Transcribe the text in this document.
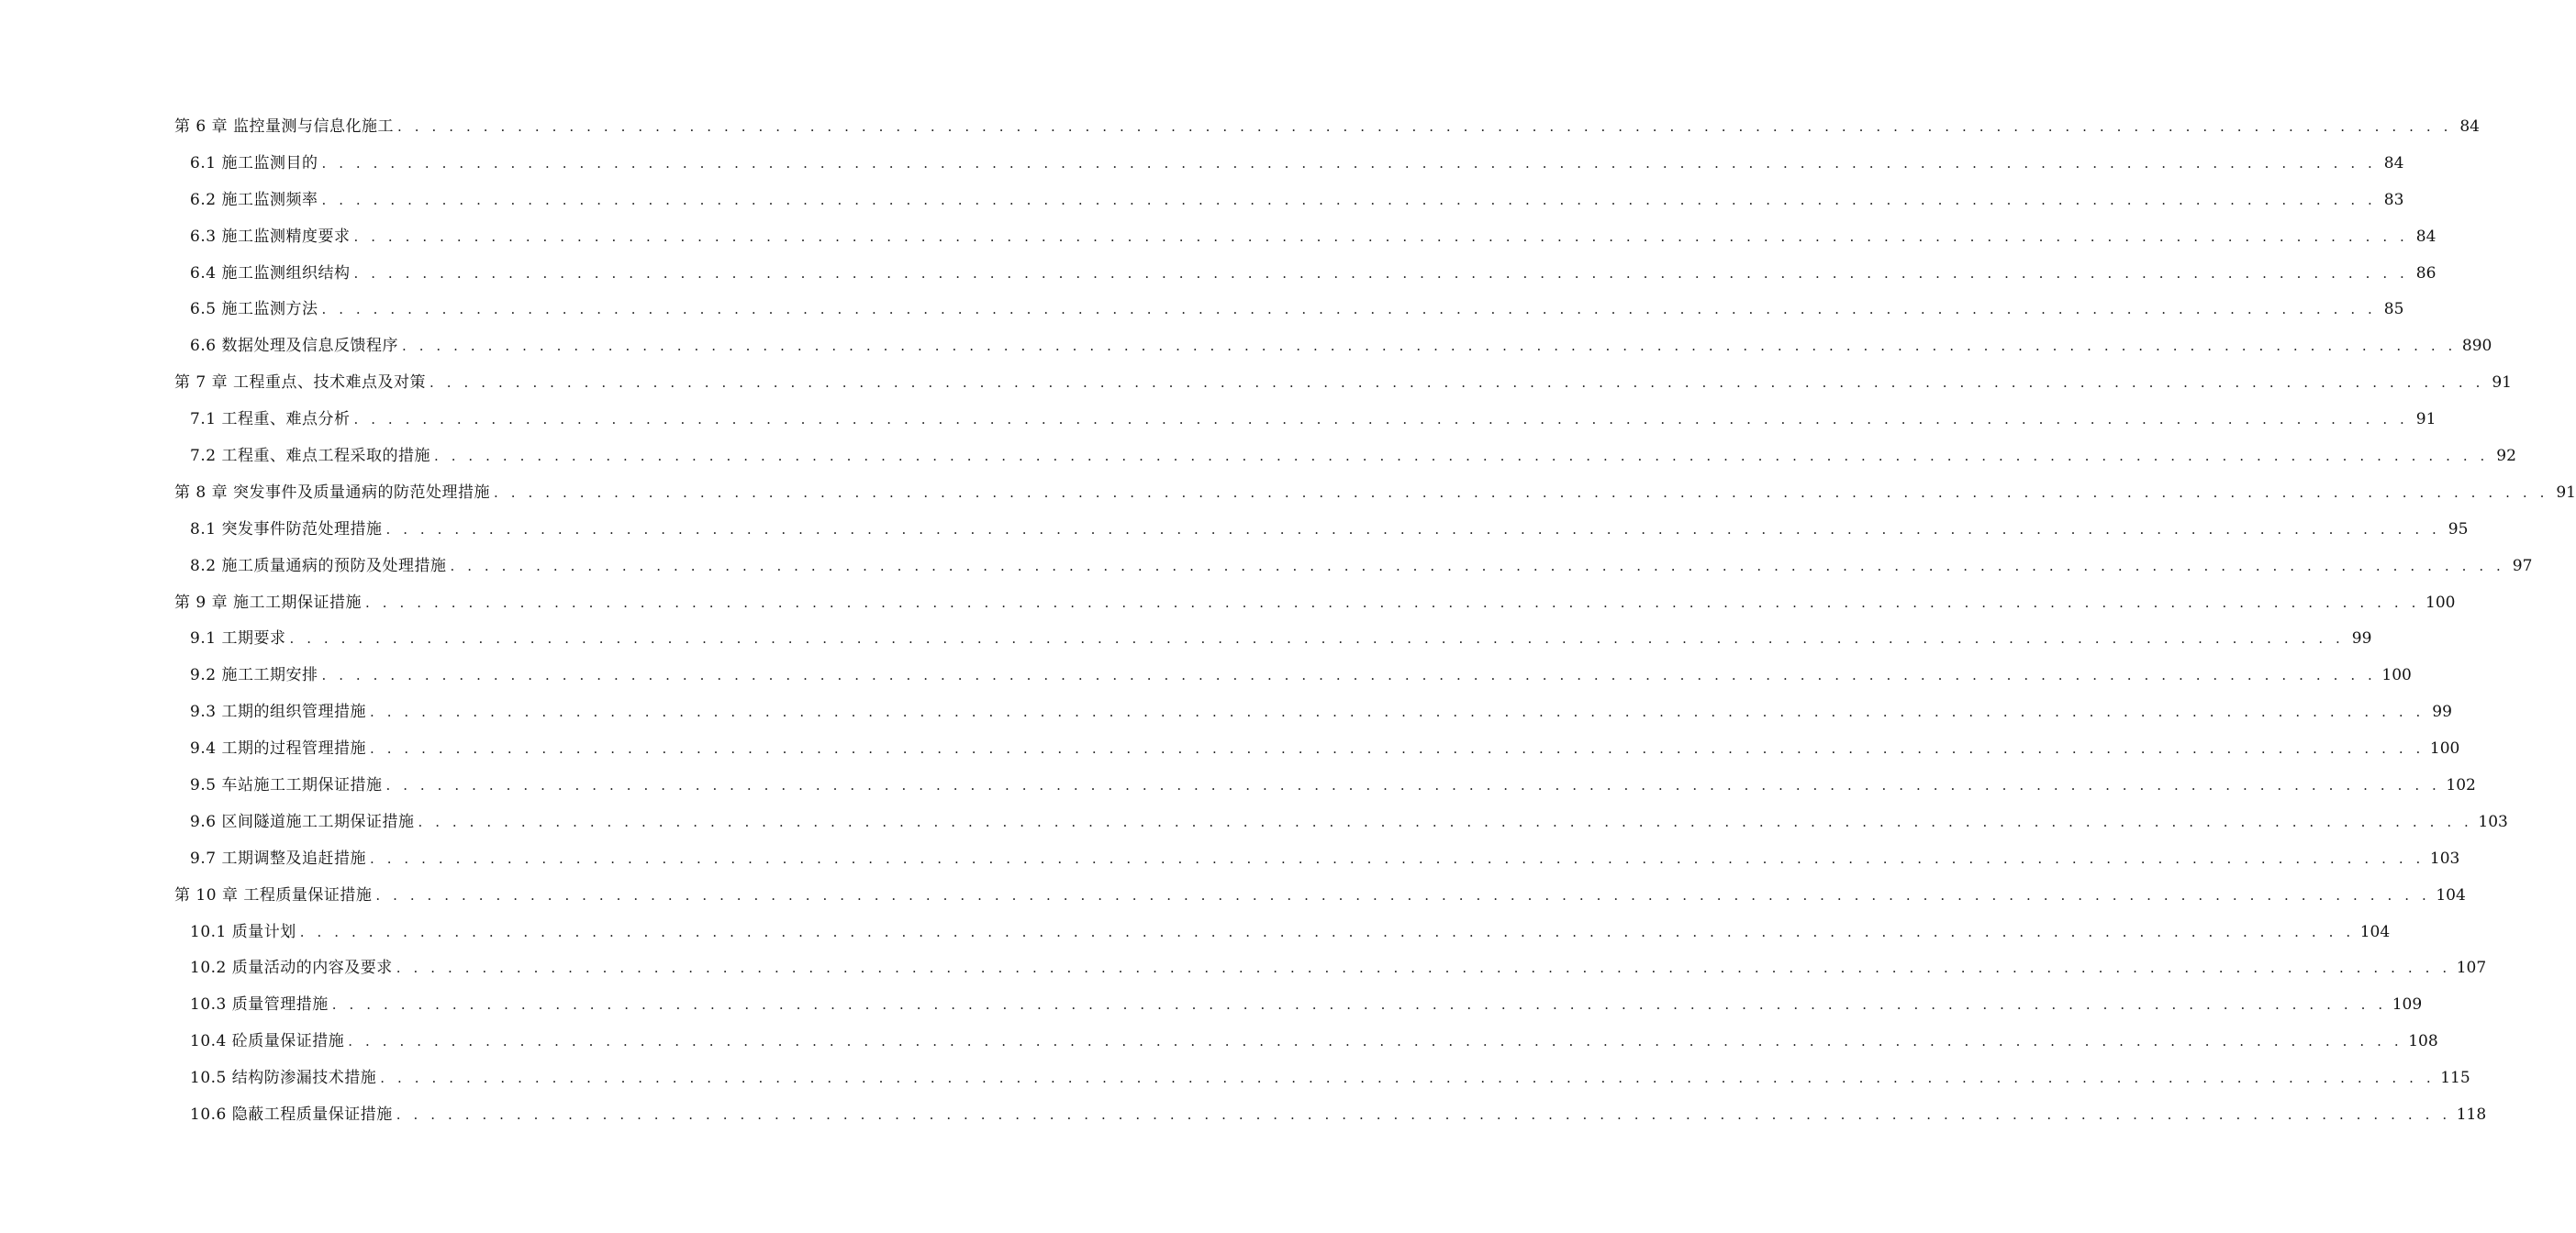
第 6 章 监控量测与信息化施工 . . . . . . . . . . . . . . . . . . . . . . . . . . . . . . . . . . . . . . . . . . . . . . . . . . . . . . . . . . . . . . . . . . . . . . . . . . . . . . . . . . . . . . . . . . . . . . . . . . . . . . . . . . . . . . . . . . . . . . . . 84
6.1 施工监测目的 . . . . . . . . . . . . . . . . . . . . . . . . . . . . . . . . . . . . . . . . . . . . . . . . . . . . . . . . . . . . . . . . . . . . . . . . . . . . . . . . . . . . . . . . . . . . . . . . . . . . . . . . . . . . . . . . . . . . . . . . 84
6.2 施工监测频率 . . . . . . . . . . . . . . . . . . . . . . . . . . . . . . . . . . . . . . . . . . . . . . . . . . . . . . . . . . . . . . . . . . . . . . . . . . . . . . . . . . . . . . . . . . . . . . . . . . . . . . . . . . . . . . . . . . . . . . . . 83
6.3 施工监测精度要求 . . . . . . . . . . . . . . . . . . . . . . . . . . . . . . . . . . . . . . . . . . . . . . . . . . . . . . . . . . . . . . . . . . . . . . . . . . . . . . . . . . . . . . . . . . . . . . . . . . . . . . . . . . . . . . . . . . . . . . . . 84
6.4 施工监测组织结构 . . . . . . . . . . . . . . . . . . . . . . . . . . . . . . . . . . . . . . . . . . . . . . . . . . . . . . . . . . . . . . . . . . . . . . . . . . . . . . . . . . . . . . . . . . . . . . . . . . . . . . . . . . . . . . . . . . . . . . . . 86
6.5 施工监测方法 . . . . . . . . . . . . . . . . . . . . . . . . . . . . . . . . . . . . . . . . . . . . . . . . . . . . . . . . . . . . . . . . . . . . . . . . . . . . . . . . . . . . . . . . . . . . . . . . . . . . . . . . . . . . . . . . . . . . . . . . 85
6.6 数据处理及信息反馈程序 . . . . . . . . . . . . . . . . . . . . . . . . . . . . . . . . . . . . . . . . . . . . . . . . . . . . . . . . . . . . . . . . . . . . . . . . . . . . . . . . . . . . . . . . . . . . . . . . . . . . . . . . . . . . . . . . . . . . . . . . 890
第 7 章 工程重点、技术难点及对策 . . . . . . . . . . . . . . . . . . . . . . . . . . . . . . . . . . . . . . . . . . . . . . . . . . . . . . . . . . . . . . . . . . . . . . . . . . . . . . . . . . . . . . . . . . . . . . . . . . . . . . . . . . . . . . . . . . . . . . . . 91
7.1 工程重、难点分析 . . . . . . . . . . . . . . . . . . . . . . . . . . . . . . . . . . . . . . . . . . . . . . . . . . . . . . . . . . . . . . . . . . . . . . . . . . . . . . . . . . . . . . . . . . . . . . . . . . . . . . . . . . . . . . . . . . . . . . . . 91
7.2 工程重、难点工程采取的措施 . . . . . . . . . . . . . . . . . . . . . . . . . . . . . . . . . . . . . . . . . . . . . . . . . . . . . . . . . . . . . . . . . . . . . . . . . . . . . . . . . . . . . . . . . . . . . . . . . . . . . . . . . . . . . . . . . . . . . . . . 92
第 8 章 突发事件及质量通病的防范处理措施 . . . . . . . . . . . . . . . . . . . . . . . . . . . . . . . . . . . . . . . . . . . . . . . . . . . . . . . . . . . . . . . . . . . . . . . . . . . . . . . . . . . . . . . . . . . . . . . . . . . . . . . . . . . . . . . . . . . . . . . . 91
8.1 突发事件防范处理措施 . . . . . . . . . . . . . . . . . . . . . . . . . . . . . . . . . . . . . . . . . . . . . . . . . . . . . . . . . . . . . . . . . . . . . . . . . . . . . . . . . . . . . . . . . . . . . . . . . . . . . . . . . . . . . . . . . . . . . . . . 95
8.2 施工质量通病的预防及处理措施 . . . . . . . . . . . . . . . . . . . . . . . . . . . . . . . . . . . . . . . . . . . . . . . . . . . . . . . . . . . . . . . . . . . . . . . . . . . . . . . . . . . . . . . . . . . . . . . . . . . . . . . . . . . . . . . . . . . . . . . . 97
第 9 章 施工工期保证措施 . . . . . . . . . . . . . . . . . . . . . . . . . . . . . . . . . . . . . . . . . . . . . . . . . . . . . . . . . . . . . . . . . . . . . . . . . . . . . . . . . . . . . . . . . . . . . . . . . . . . . . . . . . . . . . . . . . . . . . . . 100
9.1 工期要求 . . . . . . . . . . . . . . . . . . . . . . . . . . . . . . . . . . . . . . . . . . . . . . . . . . . . . . . . . . . . . . . . . . . . . . . . . . . . . . . . . . . . . . . . . . . . . . . . . . . . . . . . . . . . . . . . . . . . . . . . 99
9.2 施工工期安排 . . . . . . . . . . . . . . . . . . . . . . . . . . . . . . . . . . . . . . . . . . . . . . . . . . . . . . . . . . . . . . . . . . . . . . . . . . . . . . . . . . . . . . . . . . . . . . . . . . . . . . . . . . . . . . . . . . . . . . . . 100
9.3 工期的组织管理措施 . . . . . . . . . . . . . . . . . . . . . . . . . . . . . . . . . . . . . . . . . . . . . . . . . . . . . . . . . . . . . . . . . . . . . . . . . . . . . . . . . . . . . . . . . . . . . . . . . . . . . . . . . . . . . . . . . . . . . . . . 99
9.4 工期的过程管理措施 . . . . . . . . . . . . . . . . . . . . . . . . . . . . . . . . . . . . . . . . . . . . . . . . . . . . . . . . . . . . . . . . . . . . . . . . . . . . . . . . . . . . . . . . . . . . . . . . . . . . . . . . . . . . . . . . . . . . . . . . 100
9.5 车站施工工期保证措施 . . . . . . . . . . . . . . . . . . . . . . . . . . . . . . . . . . . . . . . . . . . . . . . . . . . . . . . . . . . . . . . . . . . . . . . . . . . . . . . . . . . . . . . . . . . . . . . . . . . . . . . . . . . . . . . . . . . . . . . . 102
9.6 区间隧道施工工期保证措施 . . . . . . . . . . . . . . . . . . . . . . . . . . . . . . . . . . . . . . . . . . . . . . . . . . . . . . . . . . . . . . . . . . . . . . . . . . . . . . . . . . . . . . . . . . . . . . . . . . . . . . . . . . . . . . . . . . . . . . . . 103
9.7 工期调整及追赶措施 . . . . . . . . . . . . . . . . . . . . . . . . . . . . . . . . . . . . . . . . . . . . . . . . . . . . . . . . . . . . . . . . . . . . . . . . . . . . . . . . . . . . . . . . . . . . . . . . . . . . . . . . . . . . . . . . . . . . . . . . 103
第 10 章 工程质量保证措施 . . . . . . . . . . . . . . . . . . . . . . . . . . . . . . . . . . . . . . . . . . . . . . . . . . . . . . . . . . . . . . . . . . . . . . . . . . . . . . . . . . . . . . . . . . . . . . . . . . . . . . . . . . . . . . . . . . . . . . . . 104
10.1 质量计划 . . . . . . . . . . . . . . . . . . . . . . . . . . . . . . . . . . . . . . . . . . . . . . . . . . . . . . . . . . . . . . . . . . . . . . . . . . . . . . . . . . . . . . . . . . . . . . . . . . . . . . . . . . . . . . . . . . . . . . . . 104
10.2 质量活动的内容及要求 . . . . . . . . . . . . . . . . . . . . . . . . . . . . . . . . . . . . . . . . . . . . . . . . . . . . . . . . . . . . . . . . . . . . . . . . . . . . . . . . . . . . . . . . . . . . . . . . . . . . . . . . . . . . . . . . . . . . . . . . 107
10.3 质量管理措施 . . . . . . . . . . . . . . . . . . . . . . . . . . . . . . . . . . . . . . . . . . . . . . . . . . . . . . . . . . . . . . . . . . . . . . . . . . . . . . . . . . . . . . . . . . . . . . . . . . . . . . . . . . . . . . . . . . . . . . . . 109
10.4 砼质量保证措施 . . . . . . . . . . . . . . . . . . . . . . . . . . . . . . . . . . . . . . . . . . . . . . . . . . . . . . . . . . . . . . . . . . . . . . . . . . . . . . . . . . . . . . . . . . . . . . . . . . . . . . . . . . . . . . . . . . . . . . . . 108
10.5 结构防渗漏技术措施 . . . . . . . . . . . . . . . . . . . . . . . . . . . . . . . . . . . . . . . . . . . . . . . . . . . . . . . . . . . . . . . . . . . . . . . . . . . . . . . . . . . . . . . . . . . . . . . . . . . . . . . . . . . . . . . . . . . . . . . . 115
10.6 隐蔽工程质量保证措施 . . . . . . . . . . . . . . . . . . . . . . . . . . . . . . . . . . . . . . . . . . . . . . . . . . . . . . . . . . . . . . . . . . . . . . . . . . . . . . . . . . . . . . . . . . . . . . . . . . . . . . . . . . . . . . . . . . . . . . . . 118
